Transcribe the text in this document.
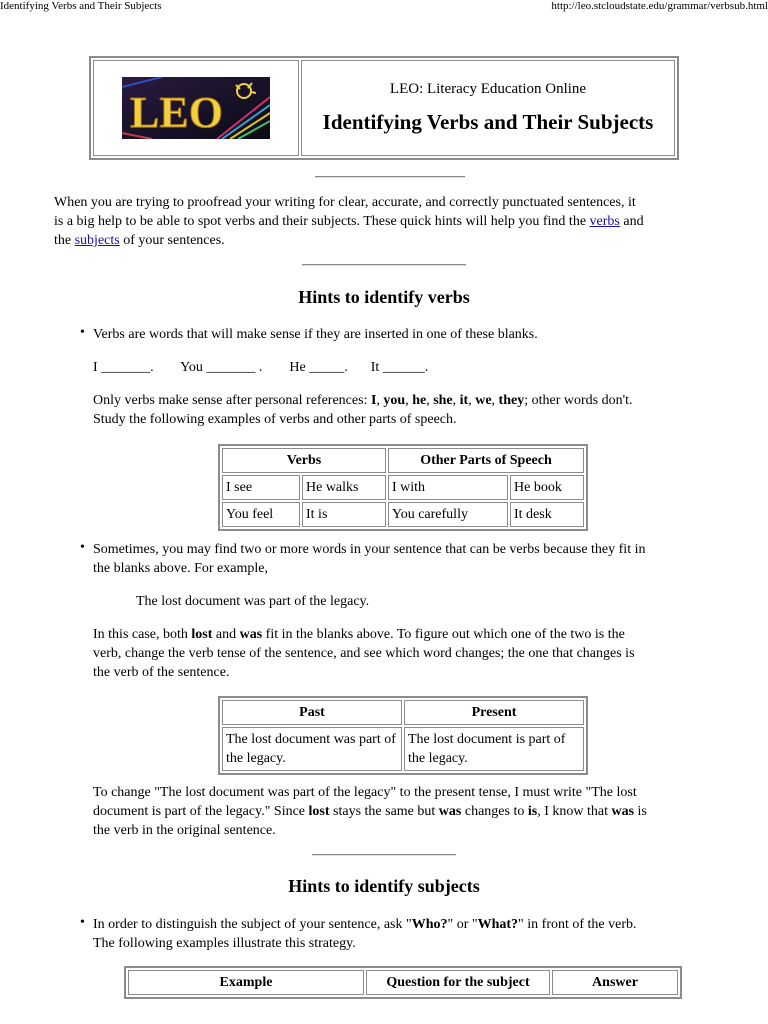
Identifying Verbs and Their Subjects	http://leo.stcloudstate.edu/grammar/verbsub.html
LEO	LEO: Literacy Education Online
Identifying Verbs and Their Subjects
When you are trying to proofread your writing for clear, accurate, and correctly punctuated sentences, it
is a big help to be able to spot verbs and their subjects. These quick hints will help you find the verbs and
the subjects of your sentences.
Hints to identify verbs
• Verbs are words that will make sense if they are inserted in one of these blanks.
I _______. You _______ . He _____. It ______.
Only verbs make sense after personal references: I, you, he, she, it, we, they; other words don't.
Study the following examples of verbs and other parts of speech.
Verbs		Other Parts of Speech	
I see	He walks	I with	He book
You feel	It is	You carefully	It desk
• Sometimes, you may find two or more words in your sentence that can be verbs because they fit in
the blanks above. For example,
The lost document was part of the legacy.
In this case, both lost and was fit in the blanks above. To figure out which one of the two is the
verb, change the verb tense of the sentence, and see which word changes; the one that changes is
the verb of the sentence.
Past	Present
The lost document was part of the legacy.	The lost document is part of the legacy.
To change "The lost document was part of the legacy" to the present tense, I must write "The lost
document is part of the legacy." Since lost stays the same but was changes to is, I know that was is
the verb in the original sentence.
Hints to identify subjects
• In order to distinguish the subject of your sentence, ask "Who?" or "What?" in front of the verb.
The following examples illustrate this strategy.
Example	Question for the subject	Answer
